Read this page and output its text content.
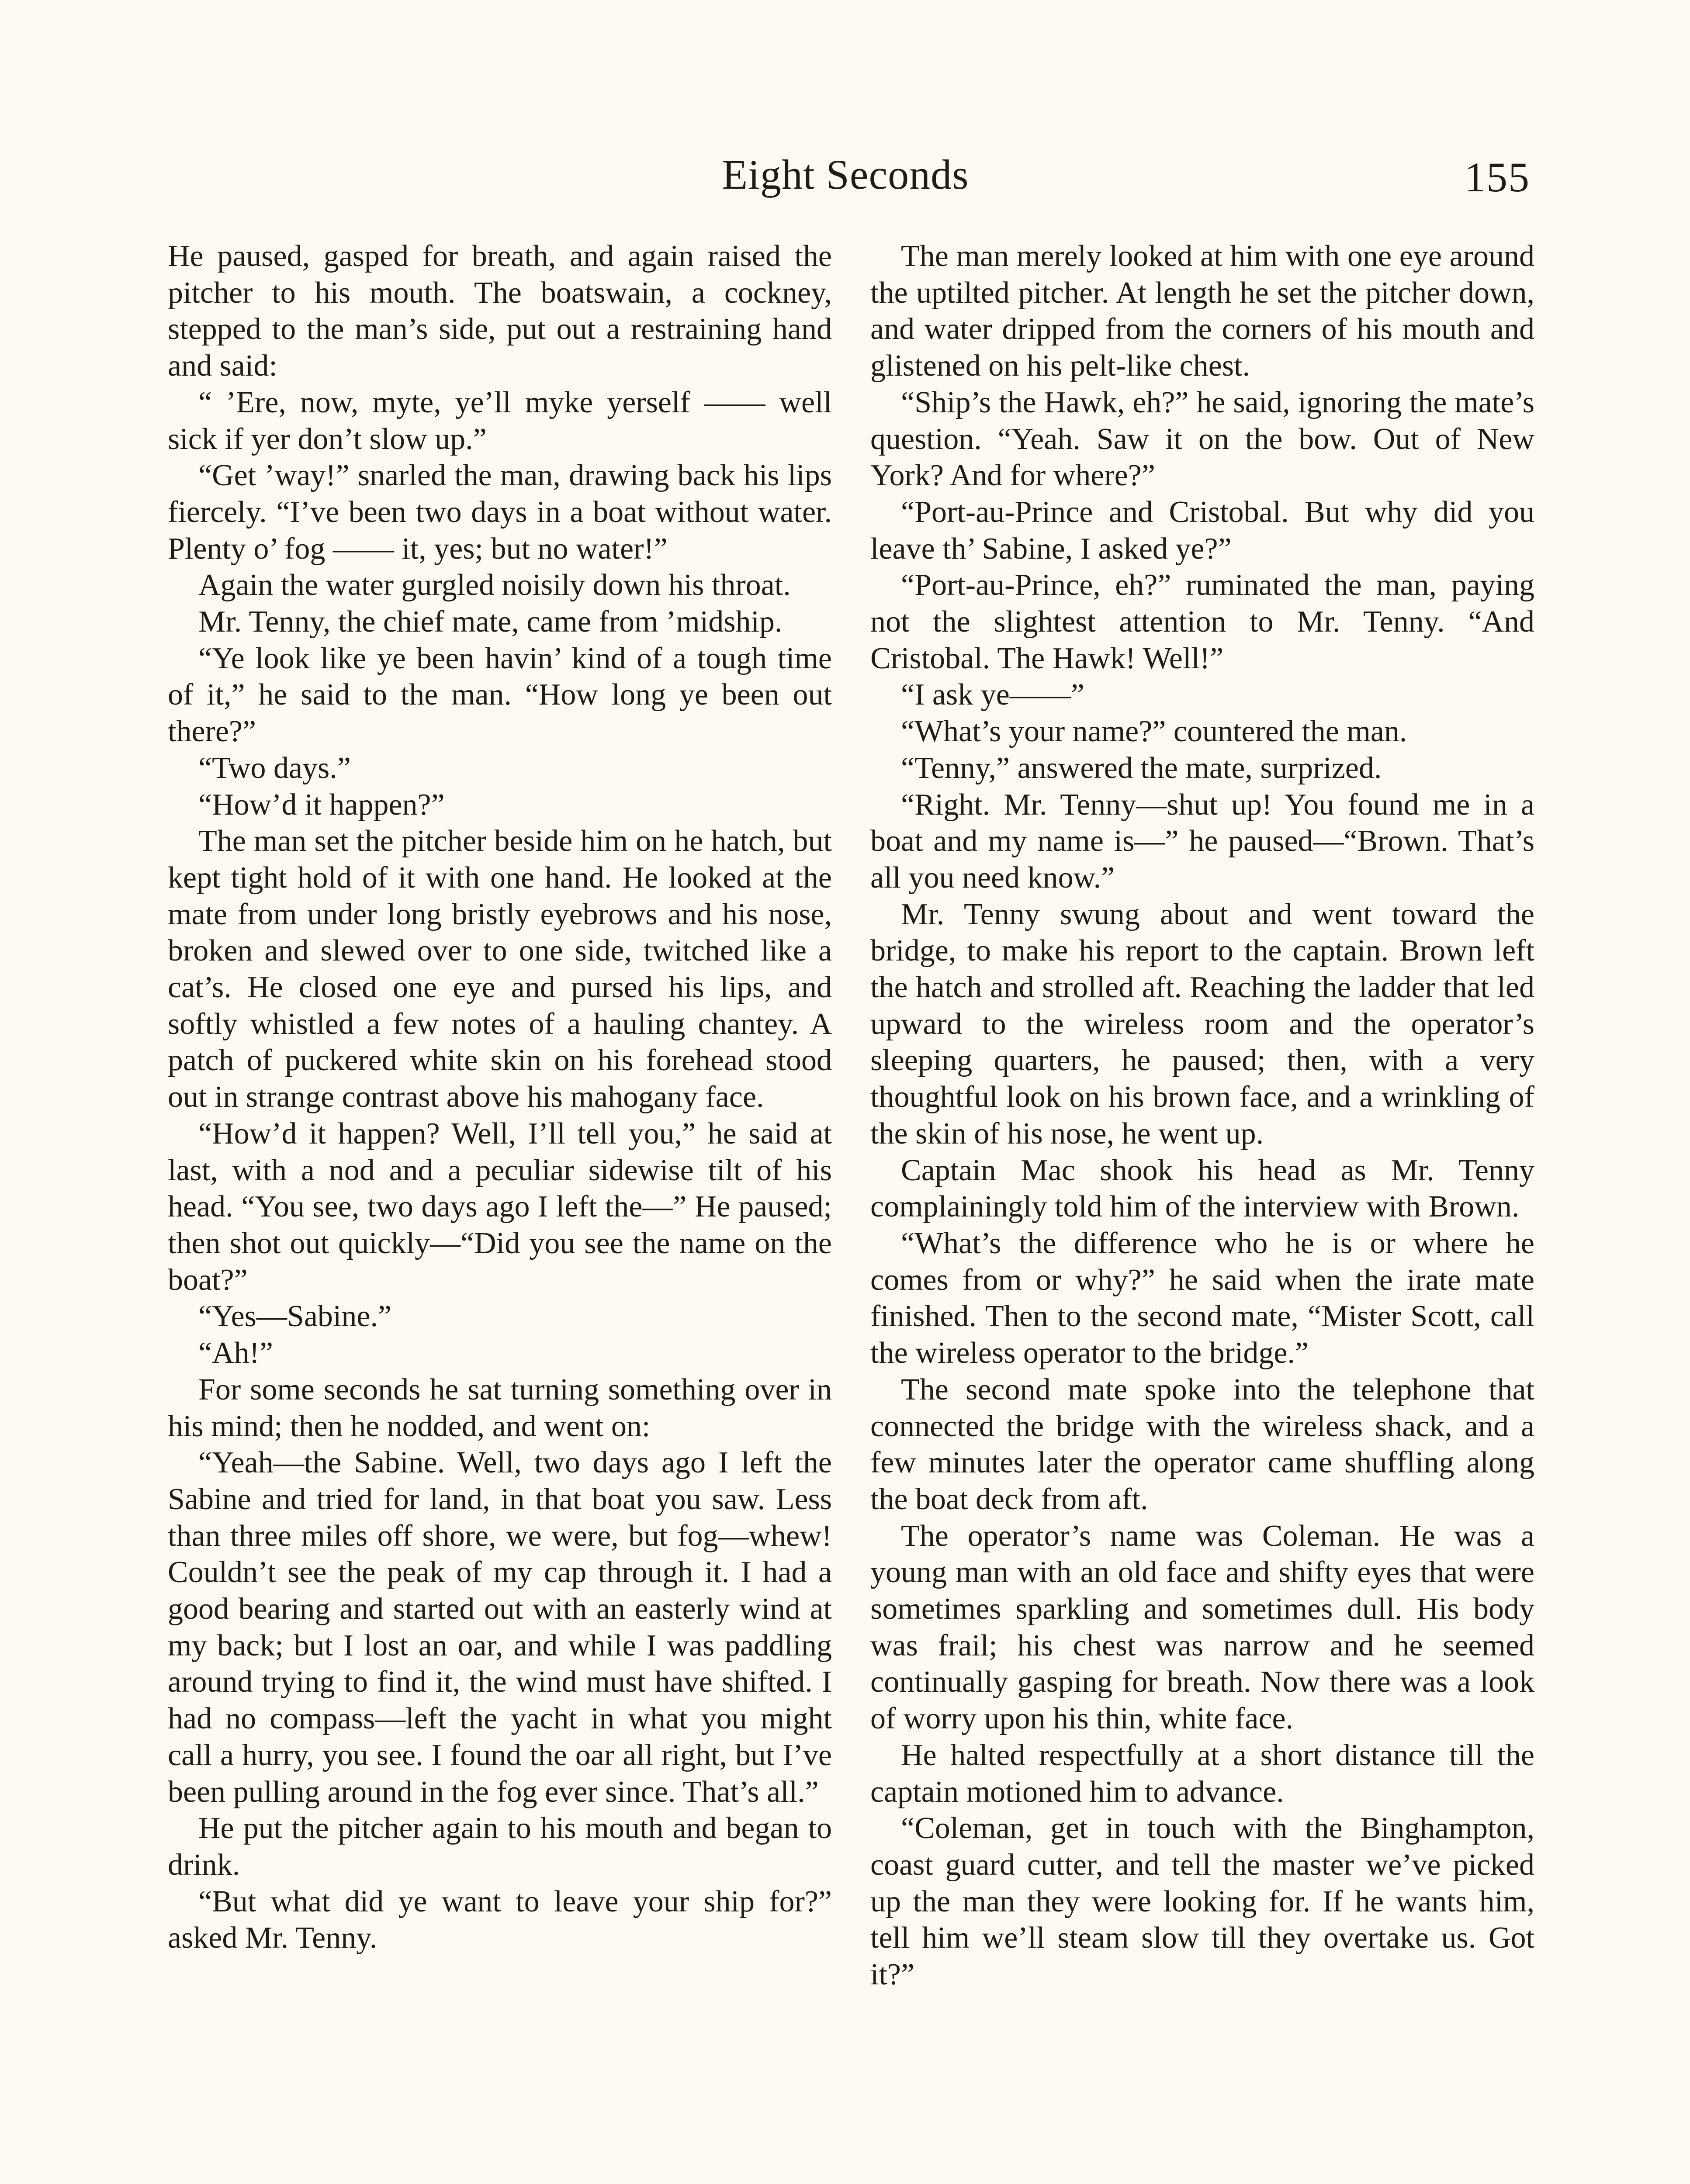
Eight Seconds	155

He paused, gasped for breath, and again raised the pitcher to his mouth. The boatswain, a cockney, stepped to the man’s side, put out a restraining hand and said:

“ ’Ere, now, myte, ye’ll myke yerself —— well sick if yer don’t slow up.”

“Get ’way!” snarled the man, drawing back his lips fiercely. “I’ve been two days in a boat without water. Plenty o’ fog —— it, yes; but no water!”

Again the water gurgled noisily down his throat.

Mr. Tenny, the chief mate, came from ’midship.

“Ye look like ye been havin’ kind of a tough time of it,” he said to the man. “How long ye been out there?”

“Two days.”

“How’d it happen?”

The man set the pitcher beside him on he hatch, but kept tight hold of it with one hand. He looked at the mate from under long bristly eyebrows and his nose, broken and slewed over to one side, twitched like a cat’s. He closed one eye and pursed his lips, and softly whistled a few notes of a hauling chantey. A patch of puckered white skin on his forehead stood out in strange contrast above his mahogany face.

“How’d it happen? Well, I’ll tell you,” he said at last, with a nod and a peculiar sidewise tilt of his head. “You see, two days ago I left the—” He paused; then shot out quickly—“Did you see the name on the boat?”

“Yes—Sabine.”

“Ah!”

For some seconds he sat turning something over in his mind; then he nodded, and went on:

“Yeah—the Sabine. Well, two days ago I left the Sabine and tried for land, in that boat you saw. Less than three miles off shore, we were, but fog—whew! Couldn’t see the peak of my cap through it. I had a good bearing and started out with an easterly wind at my back; but I lost an oar, and while I was paddling around trying to find it, the wind must have shifted. I had no compass—left the yacht in what you might call a hurry, you see. I found the oar all right, but I’ve been pulling around in the fog ever since. That’s all.”

He put the pitcher again to his mouth and began to drink.

“But what did ye want to leave your ship for?” asked Mr. Tenny.

The man merely looked at him with one eye around the uptilted pitcher. At length he set the pitcher down, and water dripped from the corners of his mouth and glistened on his pelt-like chest.

“Ship’s the Hawk, eh?” he said, ignoring the mate’s question. “Yeah. Saw it on the bow. Out of New York? And for where?”

“Port-au-Prince and Cristobal. But why did you leave th’ Sabine, I asked ye?”

“Port-au-Prince, eh?” ruminated the man, paying not the slightest attention to Mr. Tenny. “And Cristobal. The Hawk! Well!”

“I ask ye——”

“What’s your name?” countered the man.

“Tenny,” answered the mate, surprized.

“Right. Mr. Tenny—shut up! You found me in a boat and my name is—” he paused—“Brown. That’s all you need know.”

Mr. Tenny swung about and went toward the bridge, to make his report to the captain. Brown left the hatch and strolled aft. Reaching the ladder that led upward to the wireless room and the operator’s sleeping quarters, he paused; then, with a very thoughtful look on his brown face, and a wrinkling of the skin of his nose, he went up.

Captain Mac shook his head as Mr. Tenny complainingly told him of the interview with Brown.

“What’s the difference who he is or where he comes from or why?” he said when the irate mate finished. Then to the second mate, “Mister Scott, call the wireless operator to the bridge.”

The second mate spoke into the telephone that connected the bridge with the wireless shack, and a few minutes later the operator came shuffling along the boat deck from aft.

The operator’s name was Coleman. He was a young man with an old face and shifty eyes that were sometimes sparkling and sometimes dull. His body was frail; his chest was narrow and he seemed continually gasping for breath. Now there was a look of worry upon his thin, white face.

He halted respectfully at a short distance till the captain motioned him to advance.

“Coleman, get in touch with the Binghampton, coast guard cutter, and tell the master we’ve picked up the man they were looking for. If he wants him, tell him we’ll steam slow till they overtake us. Got it?”
